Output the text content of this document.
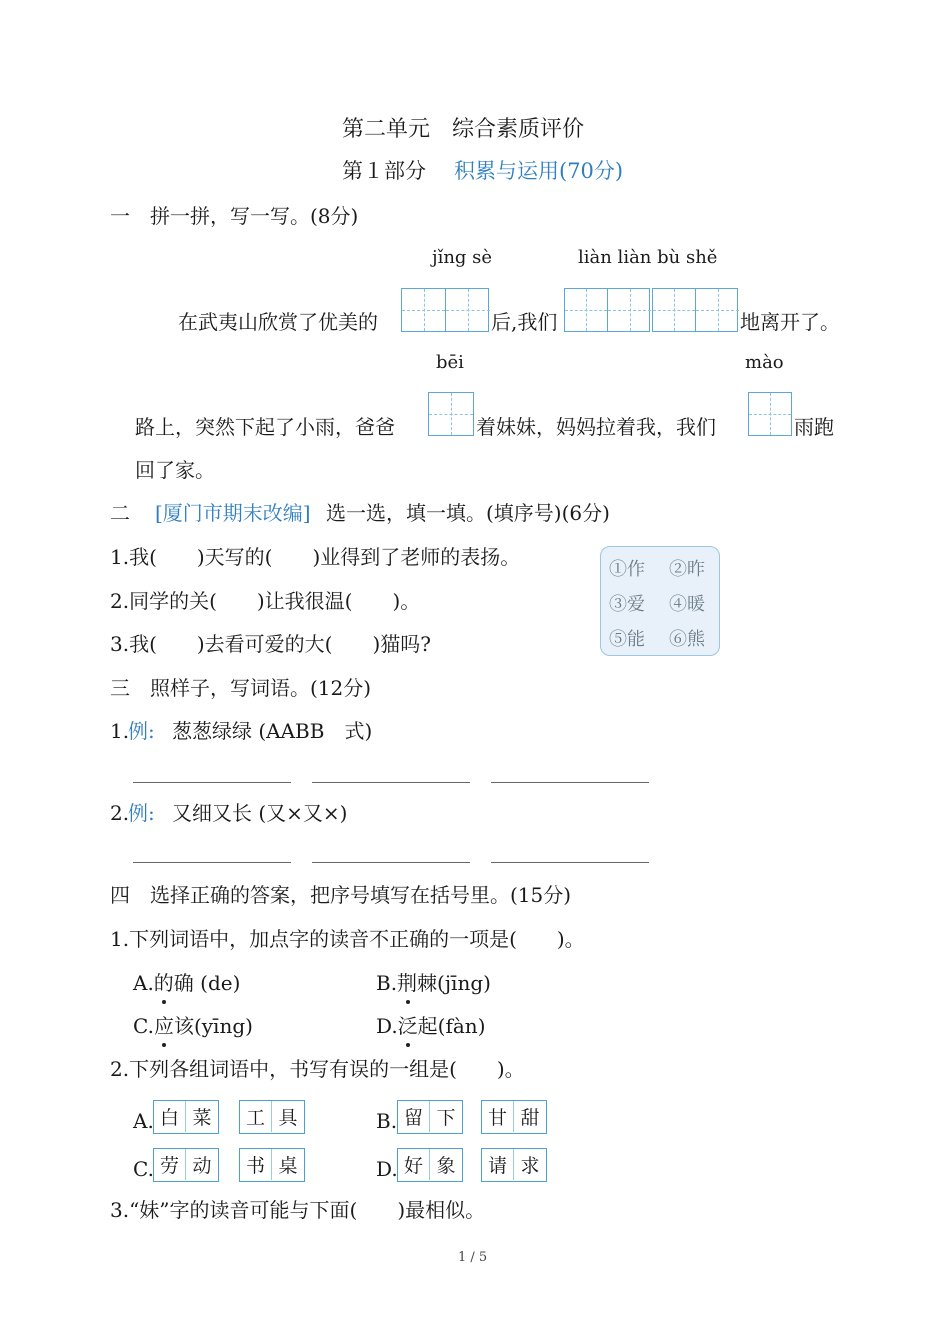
第二单元　综合素质评价
第１部分 积累与运用(70分)
一　拼一拼，写一写。(8分)
jǐng sè	liàn liàn bù shě
在武夷山欣赏了优美的	后,我们	地离开了。
bēi	mào
路上，突然下起了小雨，爸爸	着妹妹，妈妈拉着我，我们	雨跑
回了家。
二 [厦门市期末改编] 选一选，填一填。(填序号)(6分)
1.我(　　)天写的(　　)业得到了老师的表扬。
2.同学的关(　　)让我很温(　　)。
3.我(　　)去看可爱的大(　　)猫吗?
①作 ②昨
③爱 ④暖
⑤能 ⑥熊
三　照样子，写词语。(12分)
1.
例: 葱葱绿绿 (AABB　式)
2.
例: 又细又长 (又×又×)
四　选择正确的答案，把序号填写在括号里。(15分)
1.下列词语中，加点字的读音不正确的一项是(　　)。
A.的确 (de)	B.荆棘(jīng)
C.应该(yīng)	D.泛起(fàn)
2.下列各组词语中，书写有误的一组是(　　)。
A. 白 菜	工 具	B. 留 下	甘 甜
C. 劳 动	书 桌	D. 好 象	请 求
3.“妹”字的读音可能与下面(　　)最相似。
1 / 5
